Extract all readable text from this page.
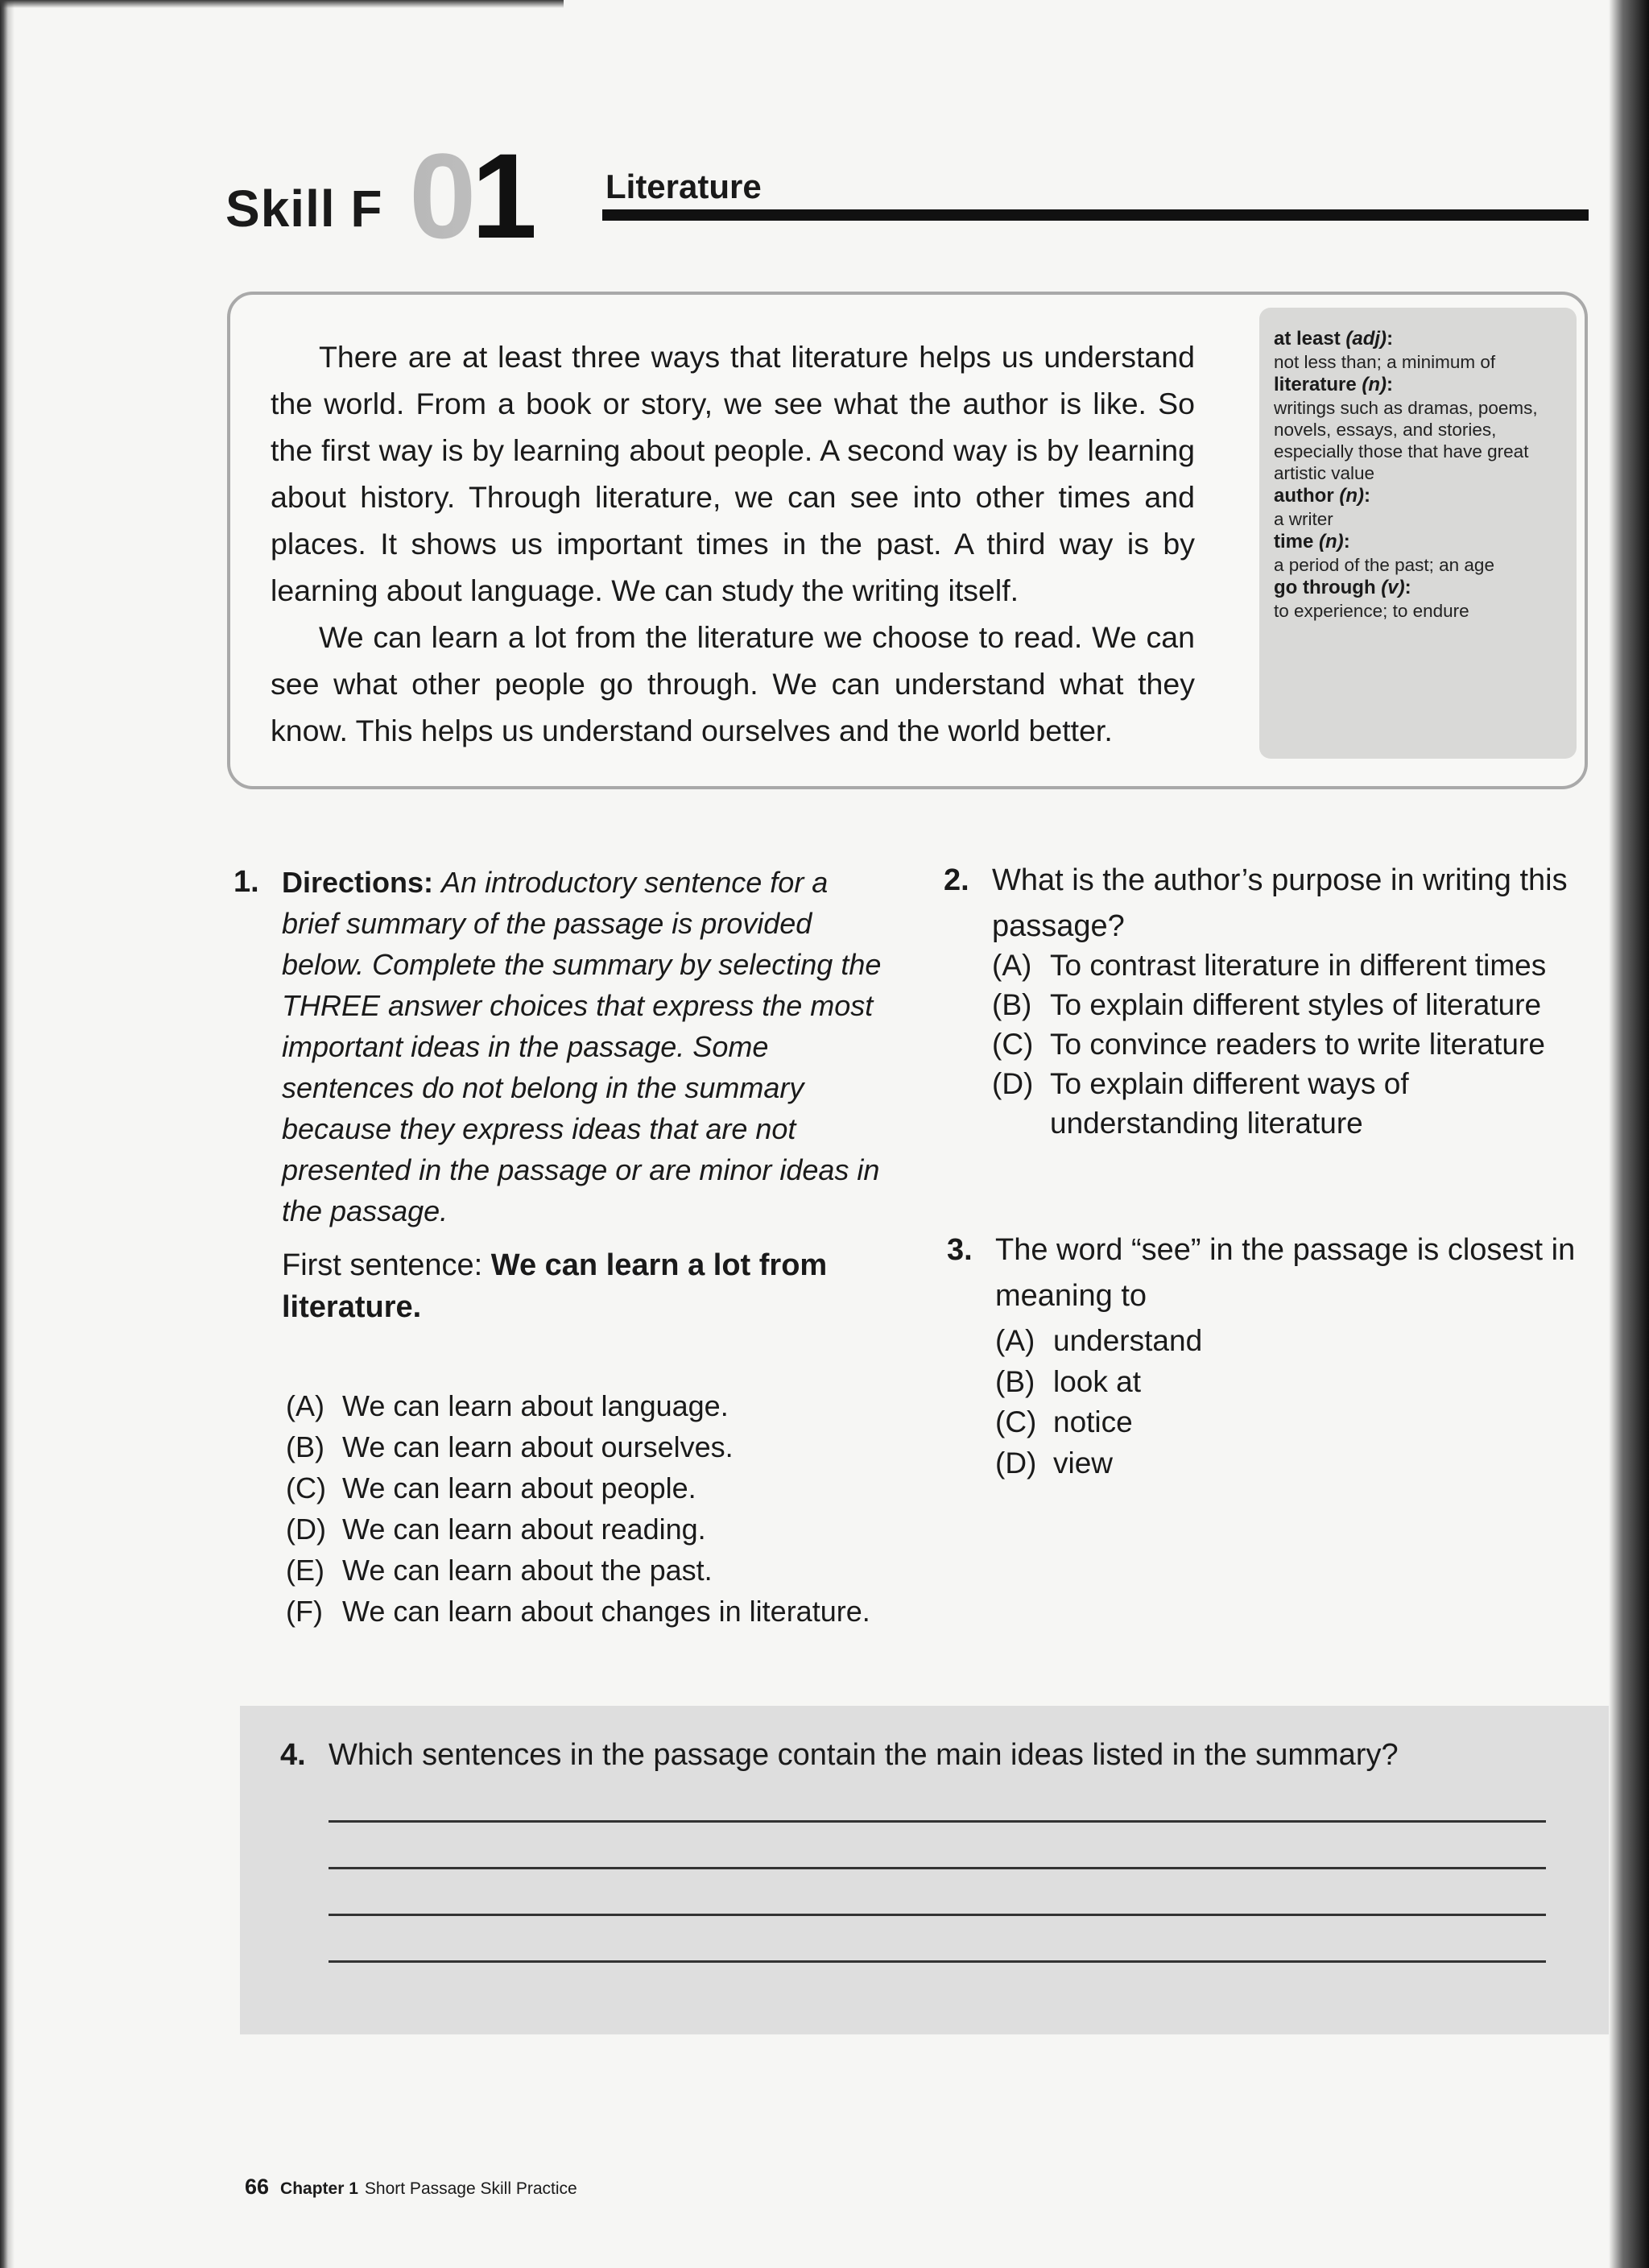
Skill F 01 Literature

There are at least three ways that literature helps us understand the world. From a book or story, we see what the author is like. So the first way is by learning about people. A second way is by learning about history. Through literature, we can see into other times and places. It shows us important times in the past. A third way is by learning about language. We can study the writing itself.

We can learn a lot from the literature we choose to read. We can see what other people go through. We can understand what they know. This helps us understand ourselves and the world better.

at least (adj):
not less than; a minimum of
literature (n):
writings such as dramas, poems, novels, essays, and stories, especially those that have great artistic value
author (n):
a writer
time (n):
a period of the past; an age
go through (v):
to experience; to endure
1. Directions: An introductory sentence for a brief summary of the passage is provided below. Complete the summary by selecting the THREE answer choices that express the most important ideas in the passage. Some sentences do not belong in the summary because they express ideas that are not presented in the passage or are minor ideas in the passage.
First sentence: We can learn a lot from literature.
(A) We can learn about language.
(B) We can learn about ourselves.
(C) We can learn about people.
(D) We can learn about reading.
(E) We can learn about the past.
(F) We can learn about changes in literature.
2. What is the author’s purpose in writing this
passage?
(A) To contrast literature in different times
(B) To explain different styles of literature
(C) To convince readers to write literature
(D) To explain different ways of
understanding literature
3. The word “see” in the passage is closest in meaning to
(A) understand
(B) look at
(C) notice
(D) view
4. Which sentences in the passage contain the main ideas listed in the summary?
66 Chapter 1 Short Passage Skill Practice
